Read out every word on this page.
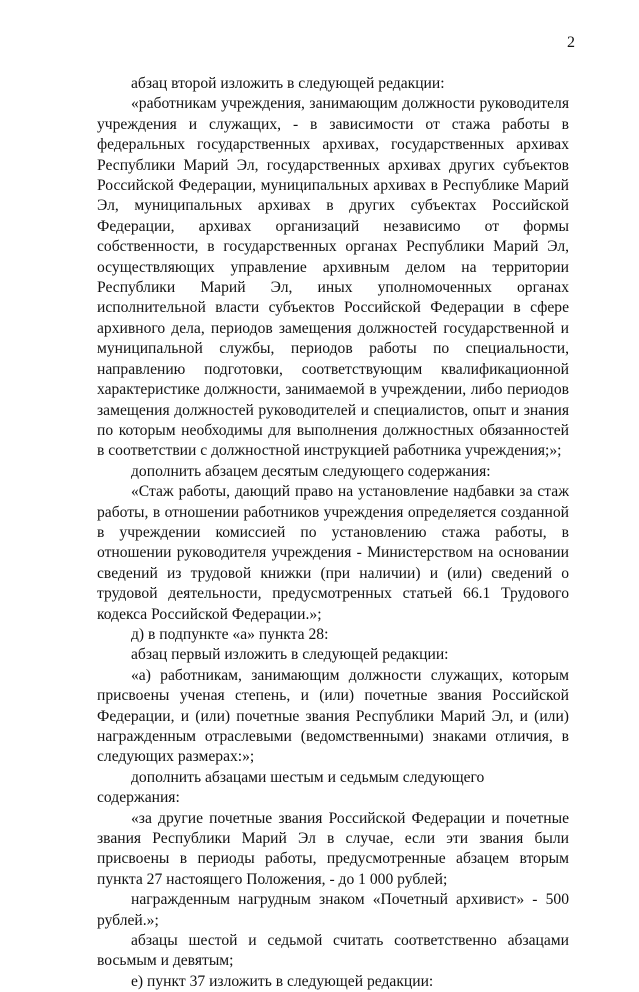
2

абзац второй изложить в следующей редакции:

«работникам учреждения, занимающим должности руководителя учреждения и служащих, - в зависимости от стажа работы в федеральных государственных архивах, государственных архивах Республики Марий Эл, государственных архивах других субъектов Российской Федерации, муниципальных архивах в Республике Марий Эл, муниципальных архивах в других субъектах Российской Федерации, архивах организаций независимо от формы собственности, в государственных органах Республики Марий Эл, осуществляющих управление архивным делом на территории Республики Марий Эл, иных уполномоченных органах исполнительной власти субъектов Российской Федерации в сфере архивного дела, периодов замещения должностей государственной и муниципальной службы, периодов работы по специальности, направлению подготовки, соответствующим квалификационной характеристике должности, занимаемой в учреждении, либо периодов замещения должностей руководителей и специалистов, опыт и знания по которым необходимы для выполнения должностных обязанностей в соответствии с должностной инструкцией работника учреждения;»;

дополнить абзацем десятым следующего содержания:

«Стаж работы, дающий право на установление надбавки за стаж работы, в отношении работников учреждения определяется созданной в учреждении комиссией по установлению стажа работы, в отношении руководителя учреждения - Министерством на основании сведений из трудовой книжки (при наличии) и (или) сведений о трудовой деятельности, предусмотренных статьей 66.1 Трудового кодекса Российской Федерации.»;

д) в подпункте «а» пункта 28:

абзац первый изложить в следующей редакции:

«а) работникам, занимающим должности служащих, которым присвоены ученая степень, и (или) почетные звания Российской Федерации, и (или) почетные звания Республики Марий Эл, и (или) награжденным отраслевыми (ведомственными) знаками отличия, в следующих размерах:»;

дополнить абзацами шестым и седьмым следующего содержания:

«за другие почетные звания Российской Федерации и почетные звания Республики Марий Эл в случае, если эти звания были присвоены в периоды работы, предусмотренные абзацем вторым пункта 27 настоящего Положения, - до 1 000 рублей;

награжденным нагрудным знаком «Почетный архивист» - 500 рублей.»;

абзацы шестой и седьмой считать соответственно абзацами восьмым и девятым;

е) пункт 37 изложить в следующей редакции:
